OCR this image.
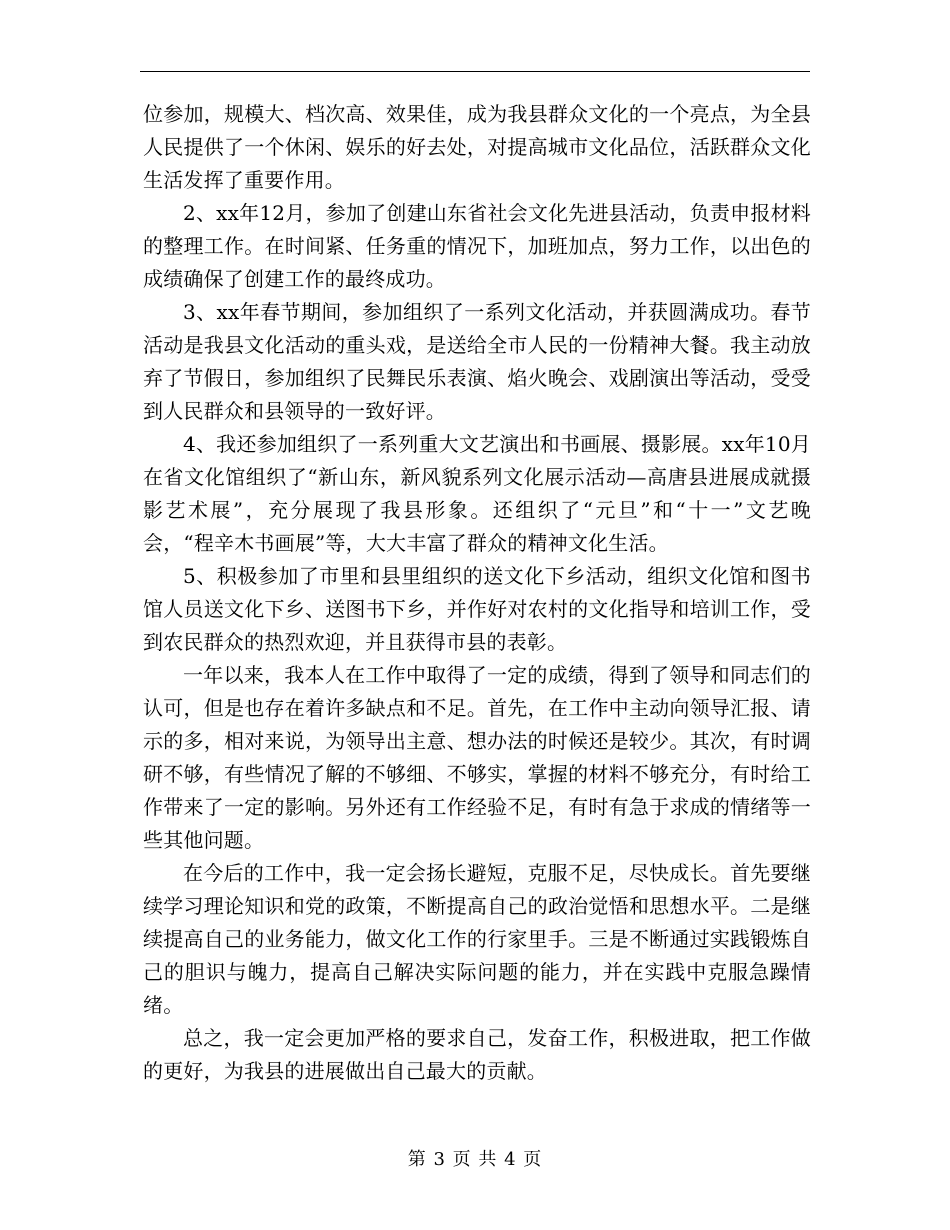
位参加，规模大、档次高、效果佳，成为我县群众文化的一个亮点，为全县人民提供了一个休闲、娱乐的好去处，对提高城市文化品位，活跃群众文化生活发挥了重要作用。

2、xx年12月，参加了创建山东省社会文化先进县活动，负责申报材料的整理工作。在时间紧、任务重的情况下，加班加点，努力工作，以出色的成绩确保了创建工作的最终成功。

3、xx年春节期间，参加组织了一系列文化活动，并获圆满成功。春节活动是我县文化活动的重头戏，是送给全市人民的一份精神大餐。我主动放弃了节假日，参加组织了民舞民乐表演、焰火晚会、戏剧演出等活动，受受到人民群众和县领导的一致好评。

4、我还参加组织了一系列重大文艺演出和书画展、摄影展。xx年10月在省文化馆组织了“新山东，新风貌系列文化展示活动—高唐县进展成就摄影艺术展”，充分展现了我县形象。还组织了“元旦”和“十一”文艺晚会，“程辛木书画展”等，大大丰富了群众的精神文化生活。

5、积极参加了市里和县里组织的送文化下乡活动，组织文化馆和图书馆人员送文化下乡、送图书下乡，并作好对农村的文化指导和培训工作，受到农民群众的热烈欢迎，并且获得市县的表彰。

一年以来，我本人在工作中取得了一定的成绩，得到了领导和同志们的认可，但是也存在着许多缺点和不足。首先，在工作中主动向领导汇报、请示的多，相对来说，为领导出主意、想办法的时候还是较少。其次，有时调研不够，有些情况了解的不够细、不够实，掌握的材料不够充分，有时给工作带来了一定的影响。另外还有工作经验不足，有时有急于求成的情绪等一些其他问题。

在今后的工作中，我一定会扬长避短，克服不足，尽快成长。首先要继续学习理论知识和党的政策，不断提高自己的政治觉悟和思想水平。二是继续提高自己的业务能力，做文化工作的行家里手。三是不断通过实践锻炼自己的胆识与魄力，提高自己解决实际问题的能力，并在实践中克服急躁情绪。

总之，我一定会更加严格的要求自己，发奋工作，积极进取，把工作做的更好，为我县的进展做出自己最大的贡献。

第 3 页 共 4 页
